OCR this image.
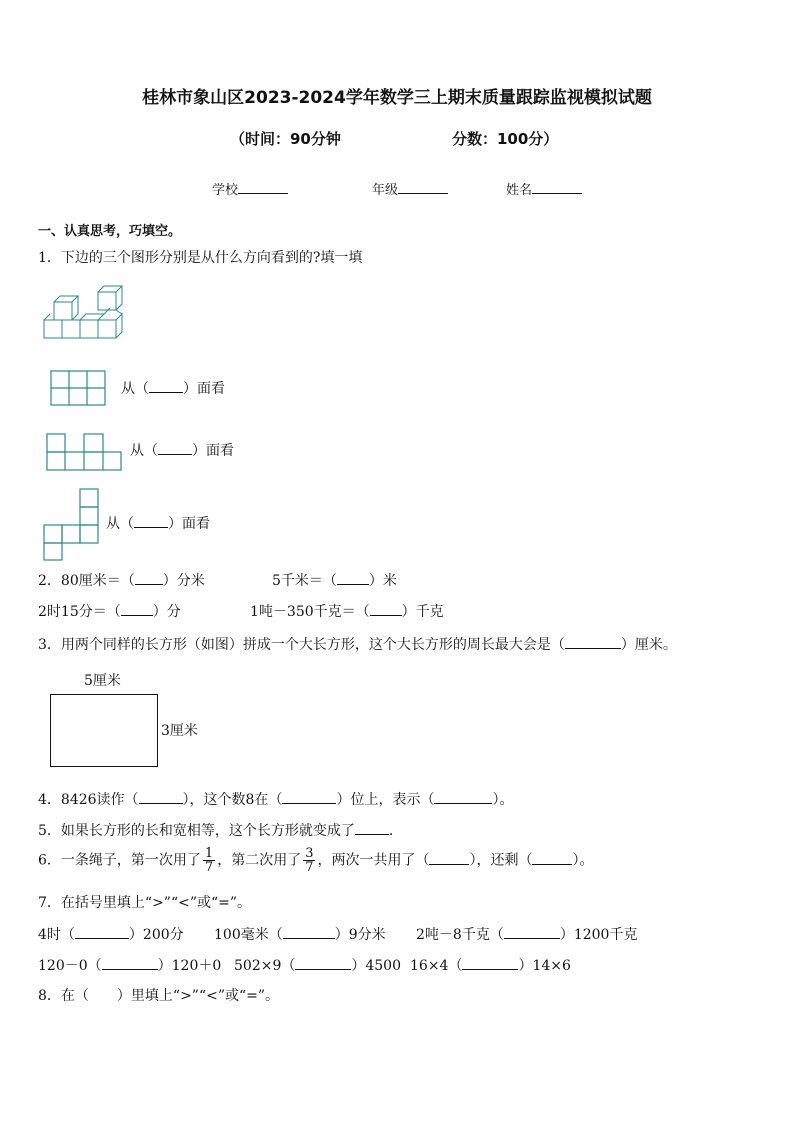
桂林市象山区2023-2024学年数学三上期末质量跟踪监视模拟试题
（时间：90分钟	分数：100分）
学校	年级	姓名
一、认真思考，巧填空。
1．下边的三个图形分别是从什么方向看到的?填一填
从（ ）面看
从（ ）面看
从（ ）面看
2．80厘米＝（ ）分米	5千米＝（ ）米
2时15分＝（ ）分	1吨－350千克＝（ ）千克
3．用两个同样的长方形（如图）拼成一个大长方形，这个大长方形的周长最大会是（	）厘米。
5厘米
3厘米
4．8426读作（	），这个数8在（	）位上，表示（	）。
5．如果长方形的长和宽相等，这个长方形就变成了 .
6．一条绳子，第一次用了 $\frac{1}{7}$ ，第二次用了 $\frac{3}{7}$ ，两次一共用了（	），还剩（	）。
7．在括号里填上“>”“<”或“=”。
4时（	）200分 100毫米（	）9分米 2吨－8千克（	）1200千克
120－0（	）120＋0 502×9（	）4500 16×4（	）14×6
8．在（　　）里填上“>”“<”或“=”。
